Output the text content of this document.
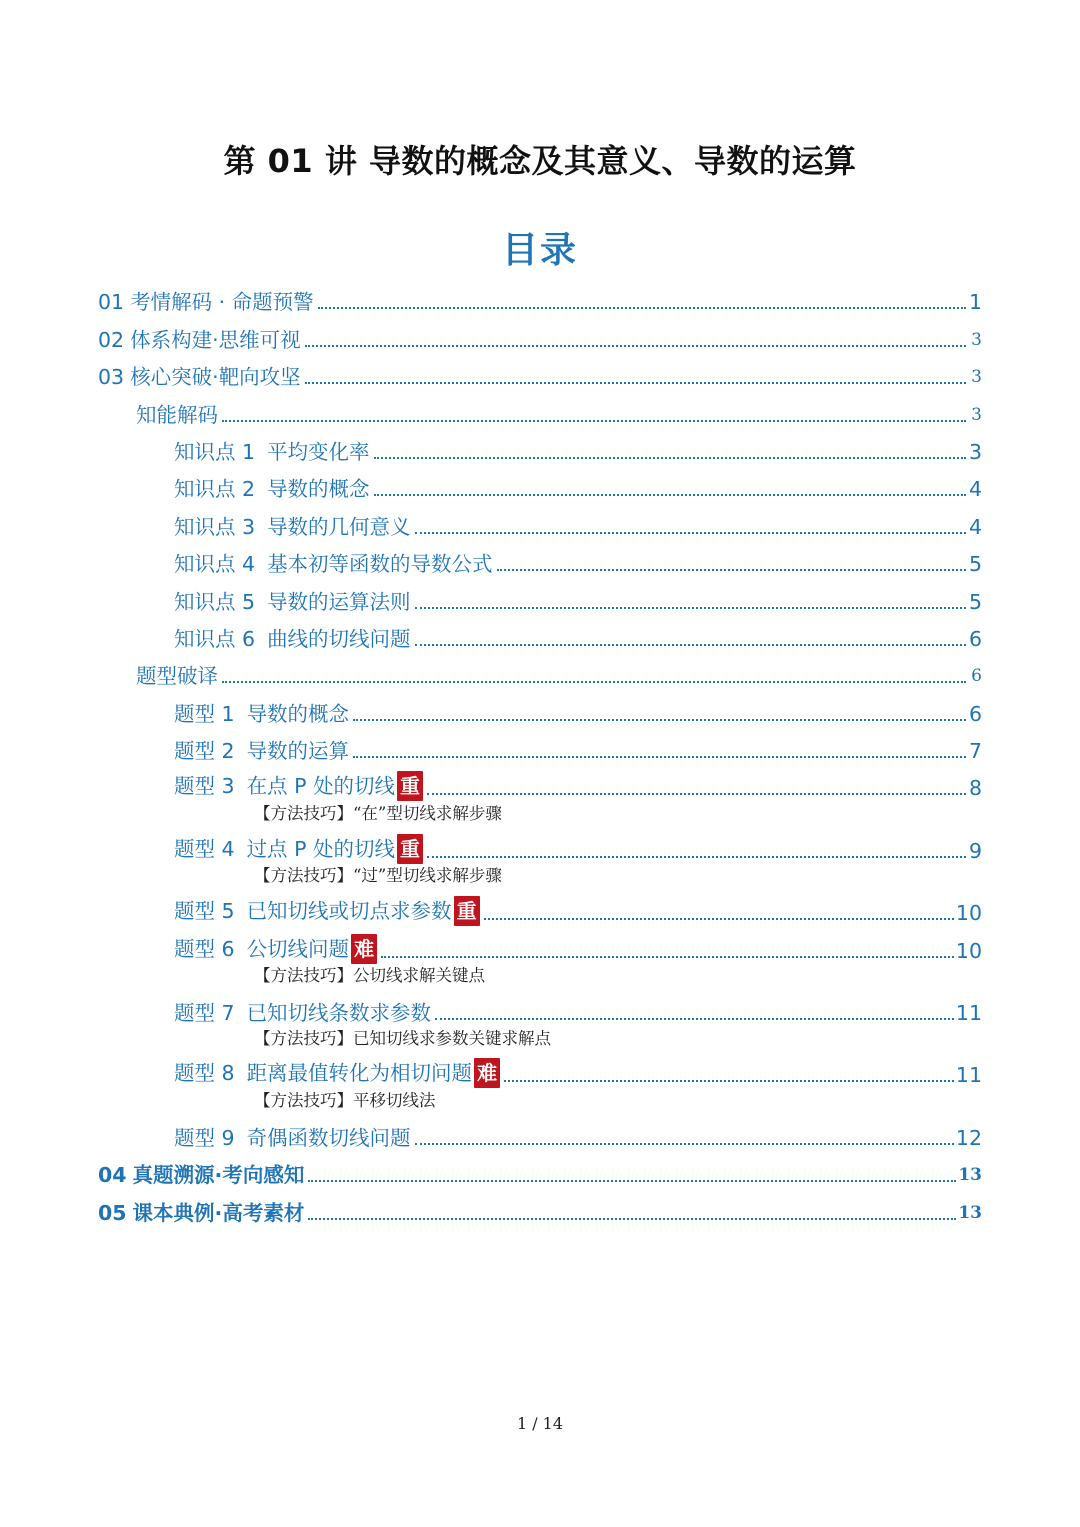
第 01 讲 导数的概念及其意义、导数的运算
目录
01 考情解码 · 命题预警	1
02 体系构建·思维可视	3
03 核心突破·靶向攻坚	3
知能解码	3
知识点 1 平均变化率	3
知识点 2 导数的概念	4
知识点 3 导数的几何意义	4
知识点 4 基本初等函数的导数公式	5
知识点 5 导数的运算法则	5
知识点 6 曲线的切线问题	6
题型破译	6
题型 1 导数的概念	6
题型 2 导数的运算	7
题型 3 在点 P 处的切线 重	8
【方法技巧】“在”型切线求解步骤
题型 4 过点 P 处的切线 重	9
【方法技巧】“过”型切线求解步骤
题型 5 已知切线或切点求参数 重	10
题型 6 公切线问题 难	10
【方法技巧】公切线求解关键点
题型 7 已知切线条数求参数	11
【方法技巧】已知切线求参数关键求解点
题型 8 距离最值转化为相切问题 难	11
【方法技巧】平移切线法
题型 9 奇偶函数切线问题	12
04 真题溯源·考向感知	13
05 课本典例·高考素材	13
1 / 14
